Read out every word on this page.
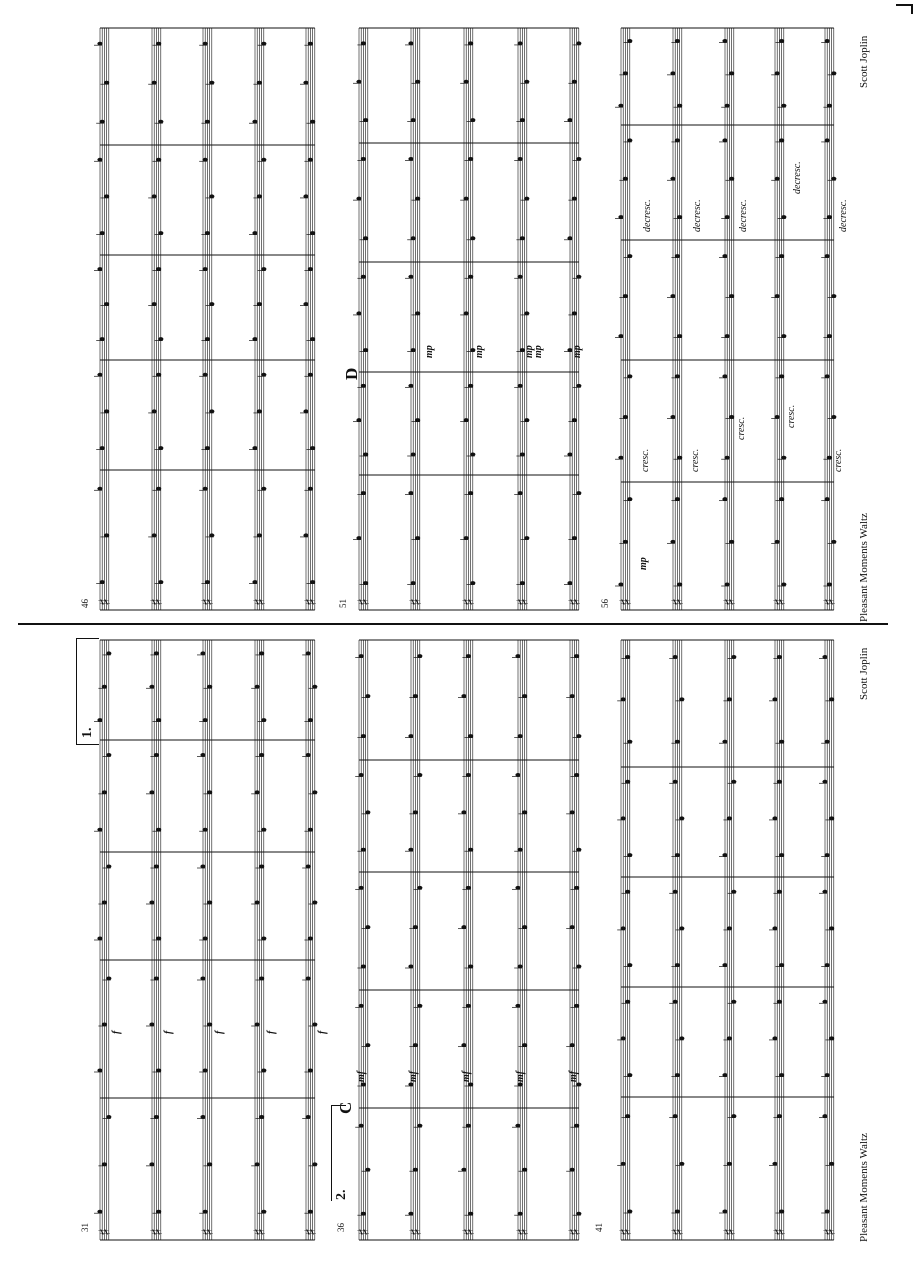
♯ ♯ ♯ ♯ ♯ ♯ ♯ ♯ ♯ ♯ ♯ ♯ ♯ ♯ ♯
♯ ♯ ♯ ♯ ♯ ♯ ♯ ♯ ♯ ♯ ♯ ♯ ♯ ♯ ♯
Pleasant Moments Waltz
Scott Joplin
Pleasant Moments Waltz
Scott Joplin
31	36	41
46	51	56
1.
2.
C
D
f	f	f	f	f
mf	mf	mf	mf	mf
mp	mp	mp
mp	mp
mp
cresc.	cresc.
cresc.
cresc.
cresc.
decresc.	decresc.	decresc.
decresc.
decresc.
